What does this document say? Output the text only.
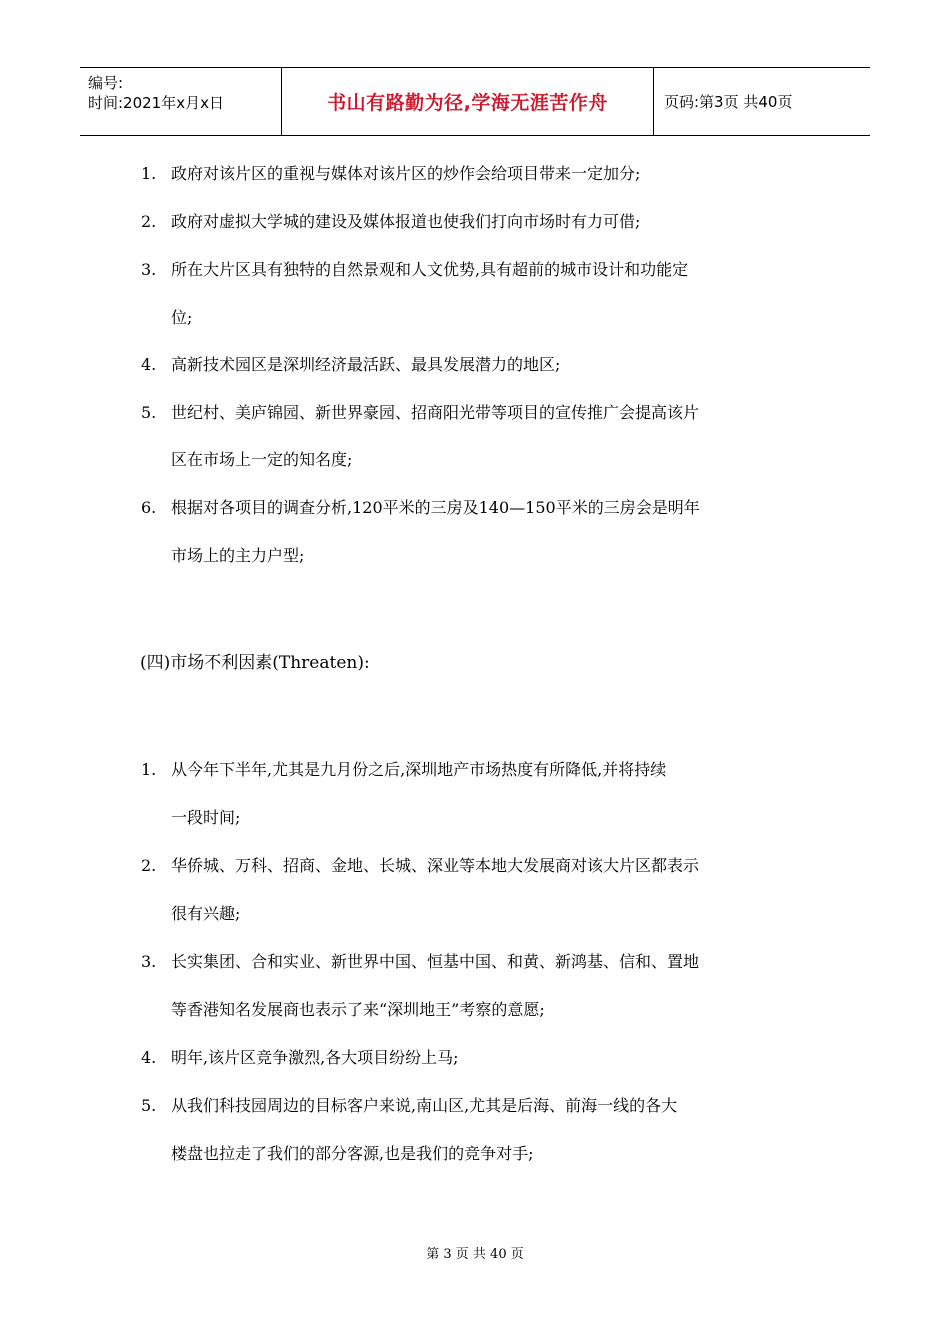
编号:
时间:2021年x月x日	书山有路勤为径,学海无涯苦作舟	页码:第3页 共40页
1. 政府对该片区的重视与媒体对该片区的炒作会给项目带来一定加分;
2. 政府对虚拟大学城的建设及媒体报道也使我们打向市场时有力可借;
3. 所在大片区具有独特的自然景观和人文优势,具有超前的城市设计和功能定
位;
4. 高新技术园区是深圳经济最活跃、最具发展潜力的地区;
5. 世纪村、美庐锦园、新世界豪园、招商阳光带等项目的宣传推广会提高该片
区在市场上一定的知名度;
6. 根据对各项目的调查分析,120平米的三房及140—150平米的三房会是明年
市场上的主力户型;
(四)市场不利因素(Threaten):
1. 从今年下半年,尤其是九月份之后,深圳地产市场热度有所降低,并将持续
一段时间;
2. 华侨城、万科、招商、金地、长城、深业等本地大发展商对该大片区都表示
很有兴趣;
3. 长实集团、合和实业、新世界中国、恒基中国、和黄、新鸿基、信和、置地
等香港知名发展商也表示了来“深圳地王”考察的意愿;
4. 明年,该片区竞争激烈,各大项目纷纷上马;
5. 从我们科技园周边的目标客户来说,南山区,尤其是后海、前海一线的各大
楼盘也拉走了我们的部分客源,也是我们的竞争对手;
第 3 页 共 40 页
